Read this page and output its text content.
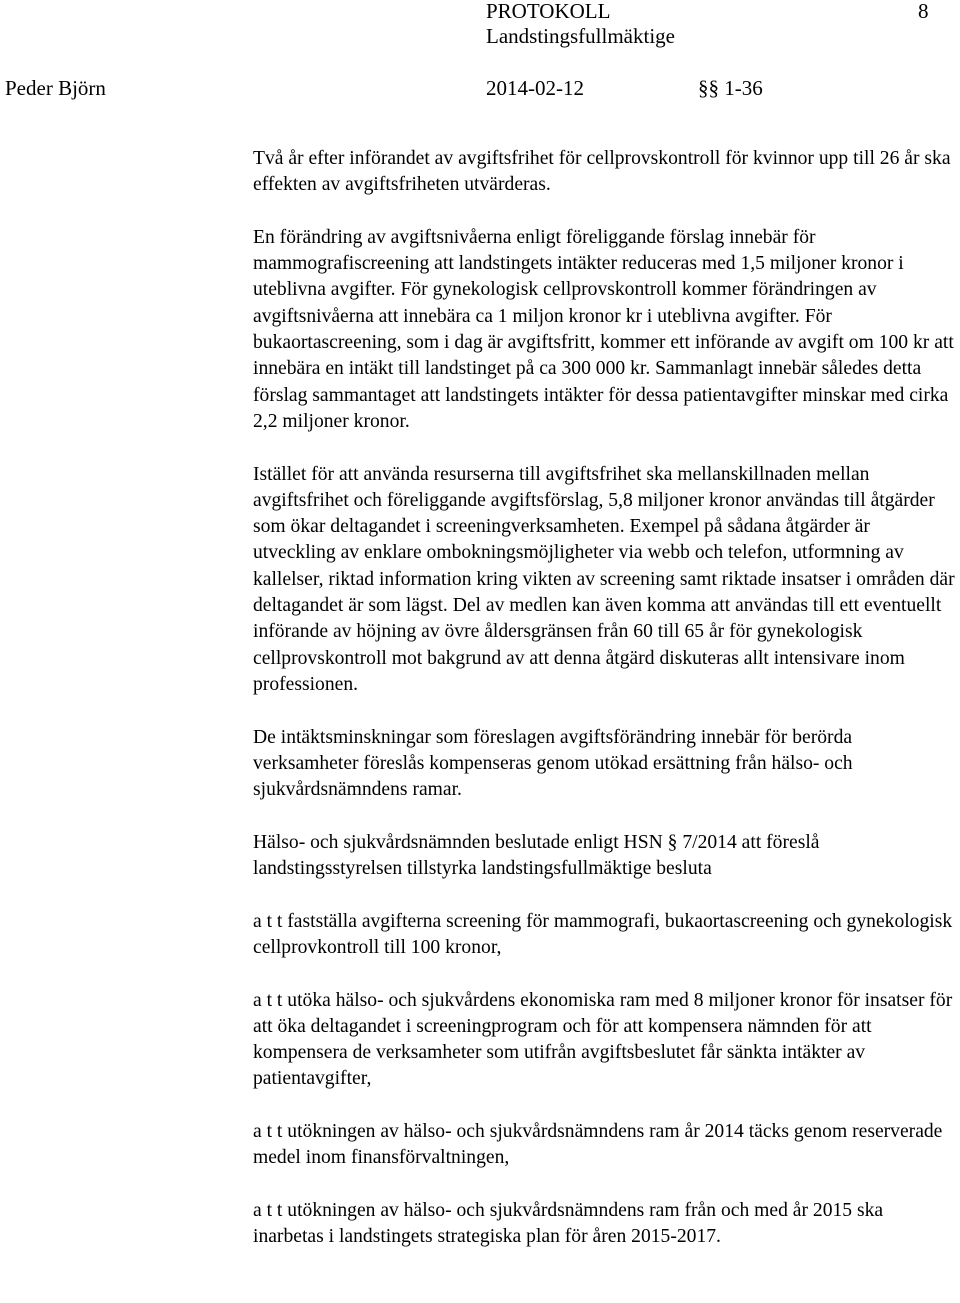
PROTOKOLL	8
Landstingsfullmäktige
Peder Björn	2014-02-12	§§ 1-36

Två år efter införandet av avgiftsfrihet för cellprovskontroll för kvinnor upp till 26 år ska effekten av avgiftsfriheten utvärderas.

En förändring av avgiftsnivåerna enligt föreliggande förslag innebär för mammografiscreening att landstingets intäkter reduceras med 1,5 miljoner kronor i uteblivna avgifter. För gynekologisk cellprovskontroll kommer förändringen av avgiftsnivåerna att innebära ca 1 miljon kronor kr i uteblivna avgifter. För bukaortascreening, som i dag är avgiftsfritt, kommer ett införande av avgift om 100 kr att innebära en intäkt till landstinget på ca 300 000 kr. Sammanlagt innebär således detta förslag sammantaget att landstingets intäkter för dessa patientavgifter minskar med cirka 2,2 miljoner kronor.

Istället för att använda resurserna till avgiftsfrihet ska mellanskillnaden mellan avgiftsfrihet och föreliggande avgiftsförslag, 5,8 miljoner kronor användas till åtgärder som ökar deltagandet i screeningverksamheten. Exempel på sådana åtgärder är utveckling av enklare ombokningsmöjligheter via webb och telefon, utformning av kallelser, riktad information kring vikten av screening samt riktade insatser i områden där deltagandet är som lägst. Del av medlen kan även komma att användas till ett eventuellt införande av höjning av övre åldersgränsen från 60 till 65 år för gynekologisk cellprovskontroll mot bakgrund av att denna åtgärd diskuteras allt intensivare inom professionen.

De intäktsminskningar som föreslagen avgiftsförändring innebär för berörda verksamheter föreslås kompenseras genom utökad ersättning från hälso- och sjukvårdsnämndens ramar.

Hälso- och sjukvårdsnämnden beslutade enligt HSN § 7/2014 att föreslå landstingsstyrelsen tillstyrka landstingsfullmäktige besluta

a t t fastställa avgifterna screening för mammografi, bukaortascreening och gynekologisk cellprovkontroll till 100 kronor,

a t t utöka hälso- och sjukvårdens ekonomiska ram med 8 miljoner kronor för insatser för att öka deltagandet i screeningprogram och för att kompensera nämnden för att kompensera de verksamheter som utifrån avgiftsbeslutet får sänkta intäkter av patientavgifter,

a t t utökningen av hälso- och sjukvårdsnämndens ram år 2014 täcks genom reserverade medel inom finansförvaltningen,

a t t utökningen av hälso- och sjukvårdsnämndens ram från och med år 2015 ska inarbetas i landstingets strategiska plan för åren 2015-2017.
